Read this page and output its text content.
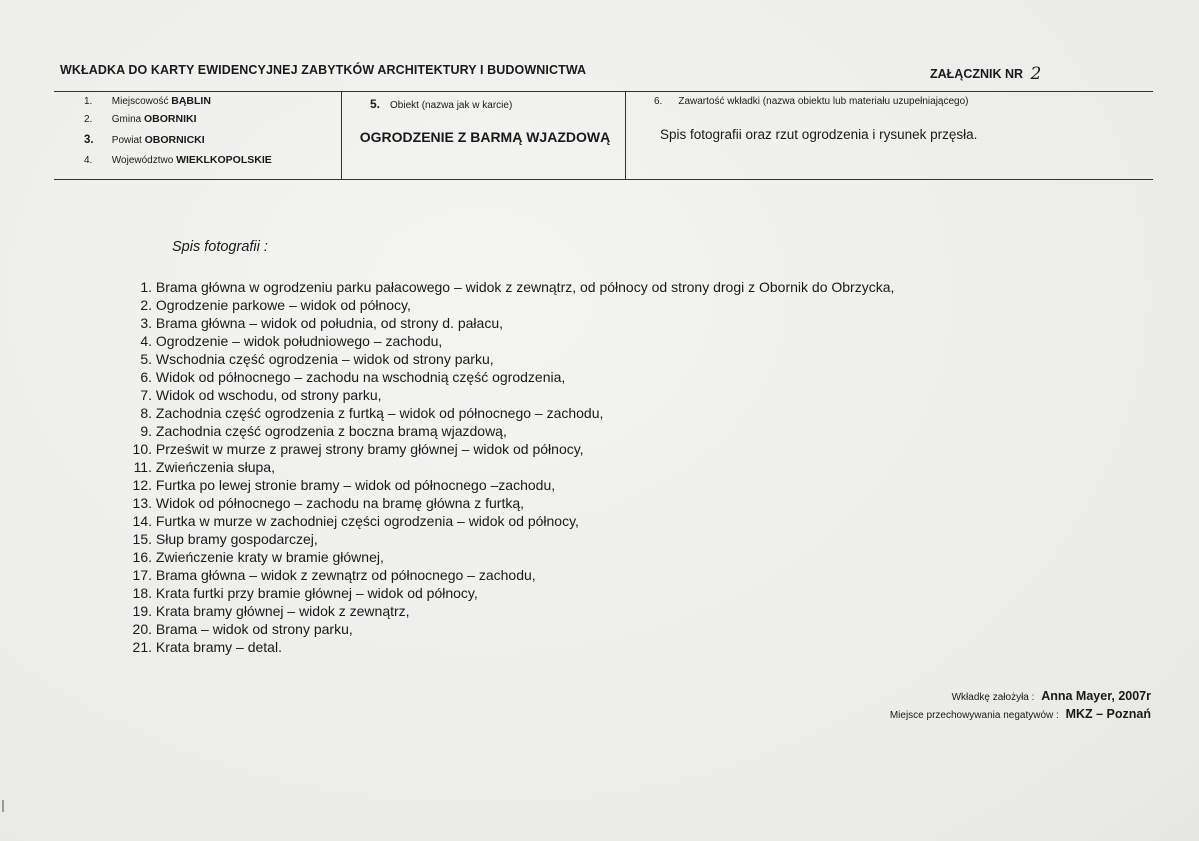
WKŁADKA DO KARTY EWIDENCYJNEJ ZABYTKÓW ARCHITEKTURY I BUDOWNICTWA	ZAŁĄCZNIK NR 2
1. Miejscowość BĄBLIN
2. Gmina OBORNIKI
3. Powiat OBORNICKI
4. Województwo WIEKLKOPOLSKIE
5. Obiekt (nazwa jak w karcie)
OGRODZENIE Z BARMĄ WJAZDOWĄ
6. Zawartość wkładki (nazwa obiektu lub materiału uzupełniającego)
Spis fotografii oraz rzut ogrodzenia i rysunek przęsła.
Spis fotografii :
1. Brama główna w ogrodzeniu parku pałacowego – widok z zewnątrz, od północy od strony drogi z Obornik do Obrzycka,
2. Ogrodzenie parkowe – widok od północy,
3. Brama główna – widok od połudn‌ia, od strony d. pałacu,
4. Ogrodzenie – widok południowego – zachodu,
5. Wschodnia część ogrodzenia – widok od strony parku,
6. Widok od północnego – zachodu na wschodnią część ogrodzenia,
7. Widok od wschodu, od strony parku,
8. Zachodnia część ogrodzenia z furtką – widok od północnego – zachodu,
9. Zachodnia część ogrodzenia z boczna bramą wjazdową,
10. Prześwit w murze z prawej strony bramy głównej – widok od północy,
11. Zwieńczenia słupa,
12. Furtka po lewej stronie bramy – widok od północnego –zachodu,
13. Widok od północnego – zachodu na bramę główna z furtką,
14. Furtka w murze w zachodniej części ogrodzenia – widok od północy,
15. Słup bramy gospodarczej,
16. Zwieńczenie kraty w bramie głównej,
17. Brama główna – widok z zewnątrz od północnego – zachodu,
18. Krata furtki przy bramie głównej – widok od północy,
19. Krata bramy głównej – widok z zewnątrz,
20. Brama – widok od strony parku,
21. Krata bramy – detal.
Wkładkę założyła : Anna Mayer, 2007r
Miejsce przechowywania negatywów : MKZ – Poznań
